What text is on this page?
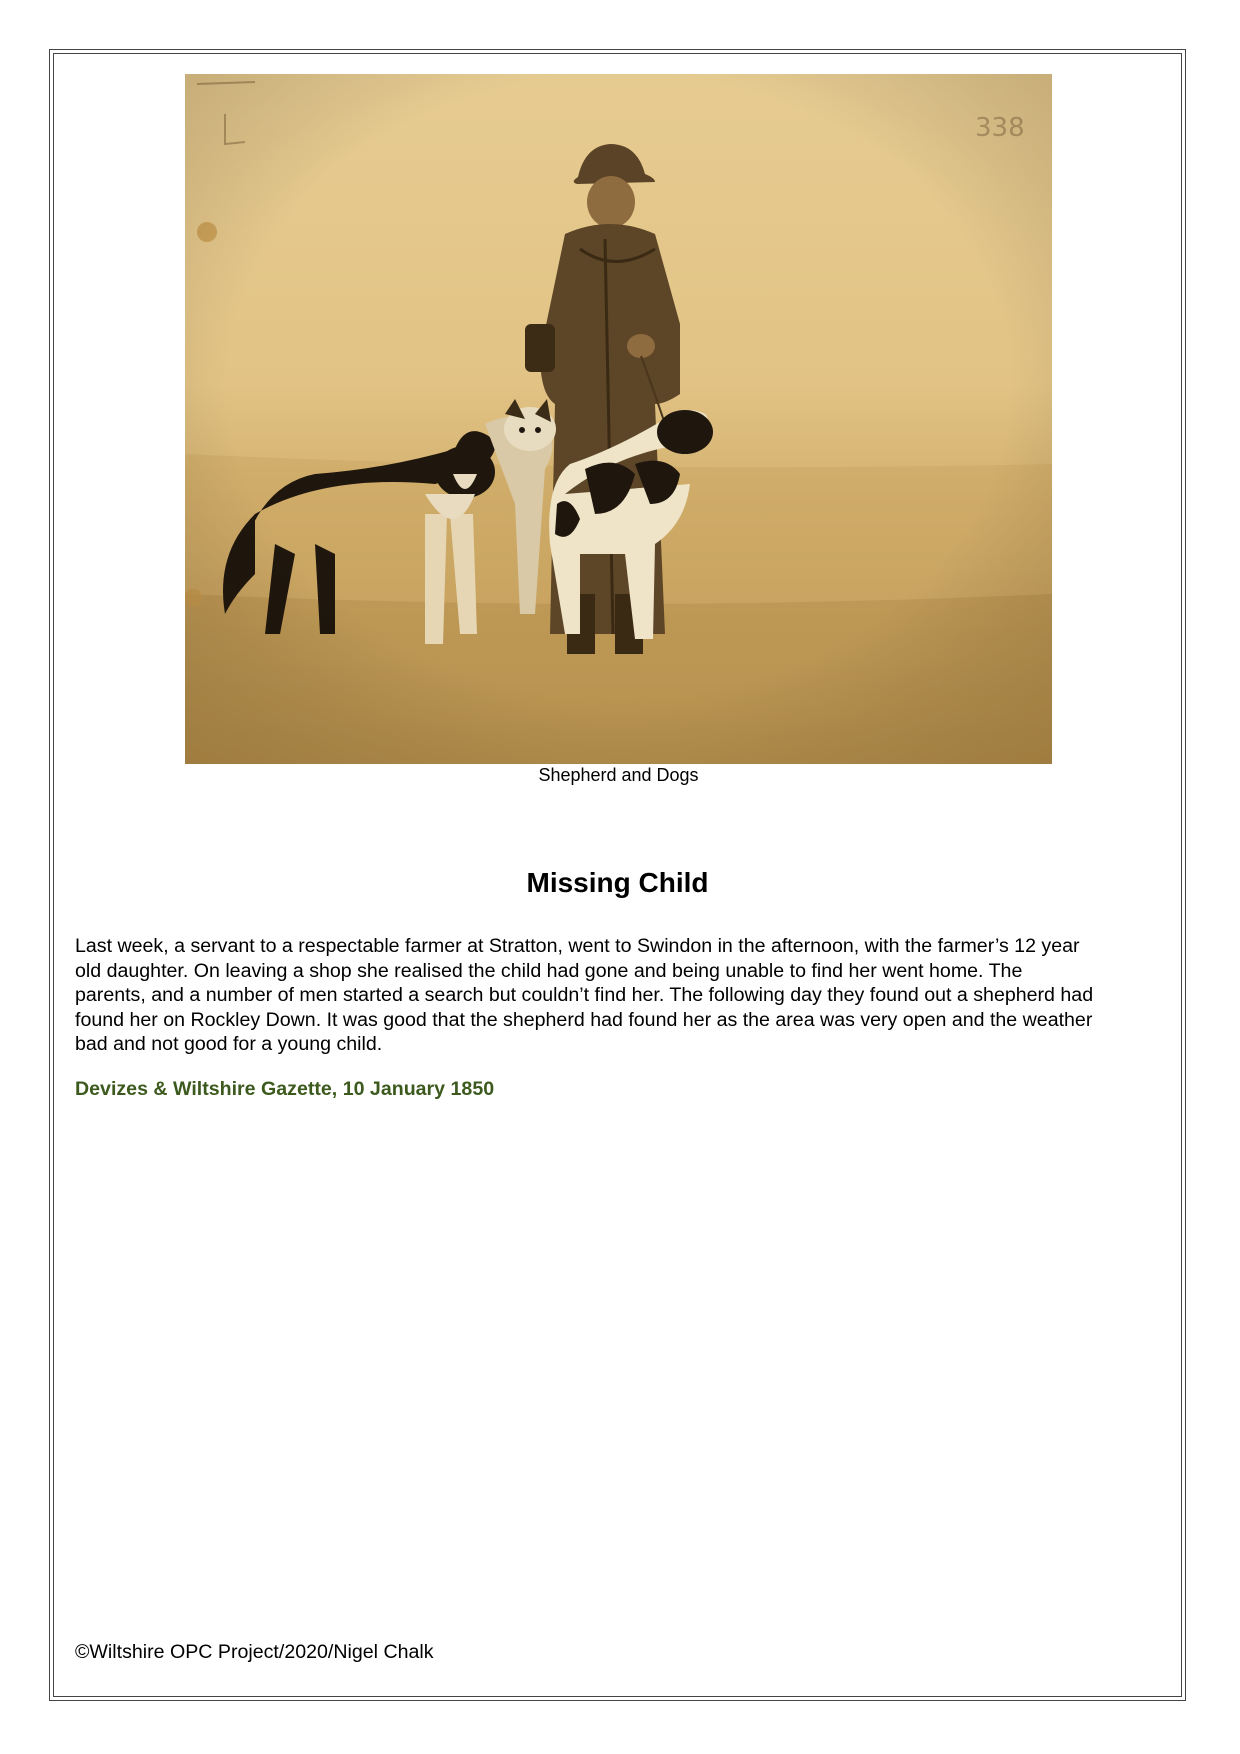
Shepherd and Dogs
Missing Child

Last week, a servant to a respectable farmer at Stratton, went to Swindon in the afternoon, with the farmer’s 12 year
old daughter. On leaving a shop she realised the child had gone and being unable to find her went home. The
parents, and a number of men started a search but couldn’t find her. The following day they found out a shepherd had
found her on Rockley Down. It was good that the shepherd had found her as the area was very open and the weather
bad and not good for a young child.

Devizes & Wiltshire Gazette, 10 January 1850
©Wiltshire OPC Project/2020/Nigel Chalk
